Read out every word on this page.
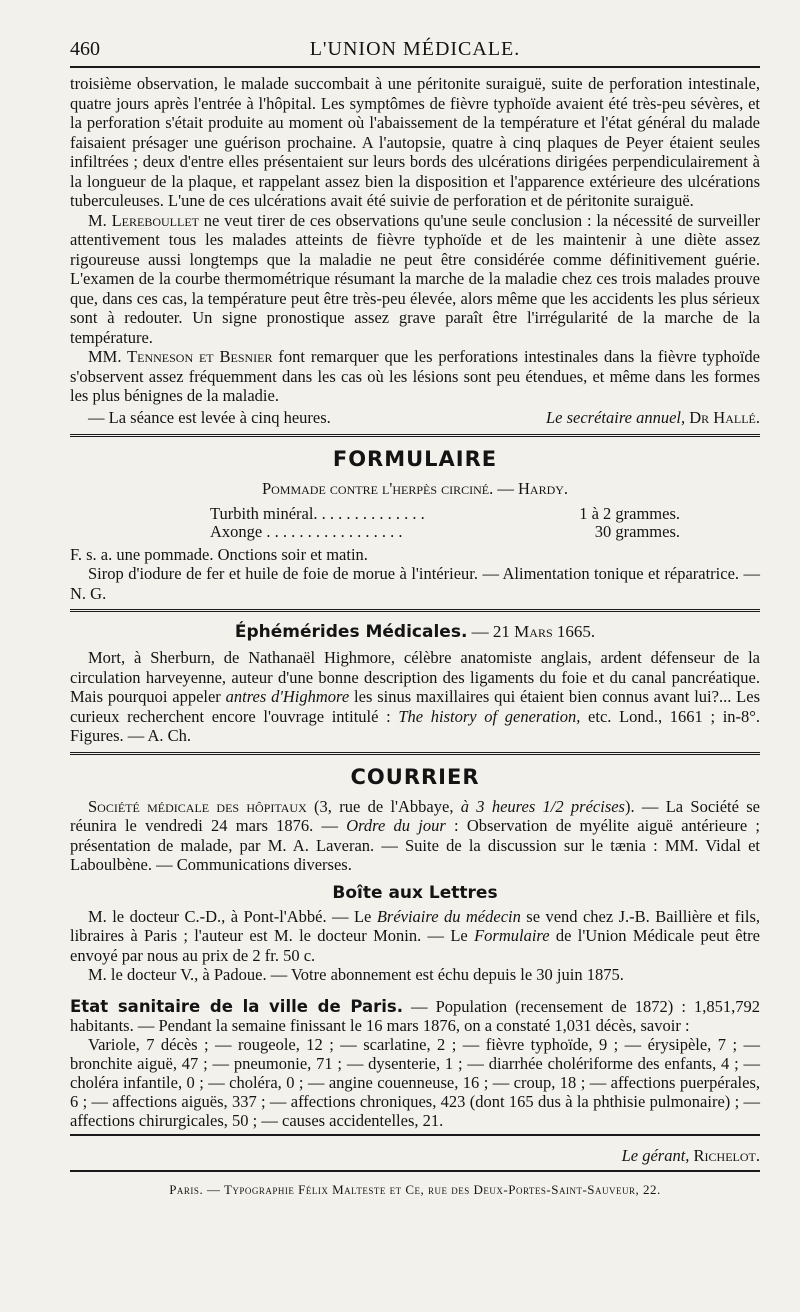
460	L'UNION MÉDICALE.

troisième observation, le malade succombait à une péritonite suraiguë, suite de perforation intestinale, quatre jours après l'entrée à l'hôpital. Les symptômes de fièvre typhoïde avaient été très-peu sévères, et la perforation s'était produite au moment où l'abaissement de la température et l'état général du malade faisaient présager une guérison prochaine. A l'autopsie, quatre à cinq plaques de Peyer étaient seules infiltrées ; deux d'entre elles présentaient sur leurs bords des ulcérations dirigées perpendiculairement à la longueur de la plaque, et rappelant assez bien la disposition et l'apparence extérieure des ulcérations tuberculeuses. L'une de ces ulcérations avait été suivie de perforation et de péritonite suraiguë.

M. Lereboullet ne veut tirer de ces observations qu'une seule conclusion : la nécessité de surveiller attentivement tous les malades atteints de fièvre typhoïde et de les maintenir à une diète assez rigoureuse aussi longtemps que la maladie ne peut être considérée comme définitivement guérie. L'examen de la courbe thermométrique résumant la marche de la maladie chez ces trois malades prouve que, dans ces cas, la température peut être très-peu élevée, alors même que les accidents les plus sérieux sont à redouter. Un signe pronostique assez grave paraît être l'irrégularité de la marche de la température.

MM. Tenneson et Besnier font remarquer que les perforations intestinales dans la fièvre typhoïde s'observent assez fréquemment dans les cas où les lésions sont peu étendues, et même dans les formes les plus bénignes de la maladie.

— La séance est levée à cinq heures.	Le secrétaire annuel, Dr Hallé.
FORMULAIRE
Pommade contre l'herpès circiné. — Hardy.
Turbith minéral. . . . . . . . . . . . . .	1 à 2 grammes.
Axonge . . . . . . . . . . . . . . . . .	30 grammes.

F. s. a. une pommade. Onctions soir et matin.

Sirop d'iodure de fer et huile de foie de morue à l'intérieur. — Alimentation tonique et réparatrice. — N. G.

Éphémérides Médicales. — 21 Mars 1665.

Mort, à Sherburn, de Nathanaël Highmore, célèbre anatomiste anglais, ardent défenseur de la circulation harveyenne, auteur d'une bonne description des ligaments du foie et du canal pancréatique. Mais pourquoi appeler antres d'Highmore les sinus maxillaires qui étaient bien connus avant lui?... Les curieux recherchent encore l'ouvrage intitulé : The history of generation, etc. Lond., 1661 ; in-8°. Figures. — A. Ch.

COURRIER

Société médicale des hôpitaux (3, rue de l'Abbaye, à 3 heures 1/2 précises). — La Société se réunira le vendredi 24 mars 1876. — Ordre du jour : Observation de myélite aiguë antérieure ; présentation de malade, par M. A. Laveran. — Suite de la discussion sur le tænia : MM. Vidal et Laboulbène. — Communications diverses.

Boîte aux Lettres

M. le docteur C.-D., à Pont-l'Abbé. — Le Bréviaire du médecin se vend chez J.-B. Baillière et fils, libraires à Paris ; l'auteur est M. le docteur Monin. — Le Formulaire de l'Union Médicale peut être envoyé par nous au prix de 2 fr. 50 c.

M. le docteur V., à Padoue. — Votre abonnement est échu depuis le 30 juin 1875.

Etat sanitaire de la ville de Paris. — Population (recensement de 1872) : 1,851,792 habitants. — Pendant la semaine finissant le 16 mars 1876, on a constaté 1,031 décès, savoir :

Variole, 7 décès ; — rougeole, 12 ; — scarlatine, 2 ; — fièvre typhoïde, 9 ; — érysipèle, 7 ; — bronchite aiguë, 47 ; — pneumonie, 71 ; — dysenterie, 1 ; — diarrhée cholériforme des enfants, 4 ; — choléra infantile, 0 ; — choléra, 0 ; — angine couenneuse, 16 ; — croup, 18 ; — affections puerpérales, 6 ; — affections aiguës, 337 ; — affections chroniques, 423 (dont 165 dus à la phthisie pulmonaire) ; — affections chirurgicales, 50 ; — causes accidentelles, 21.

Le gérant, Richelot.
Paris. — Typographie Félix Malteste et Ce, rue des Deux-Portes-Saint-Sauveur, 22.
